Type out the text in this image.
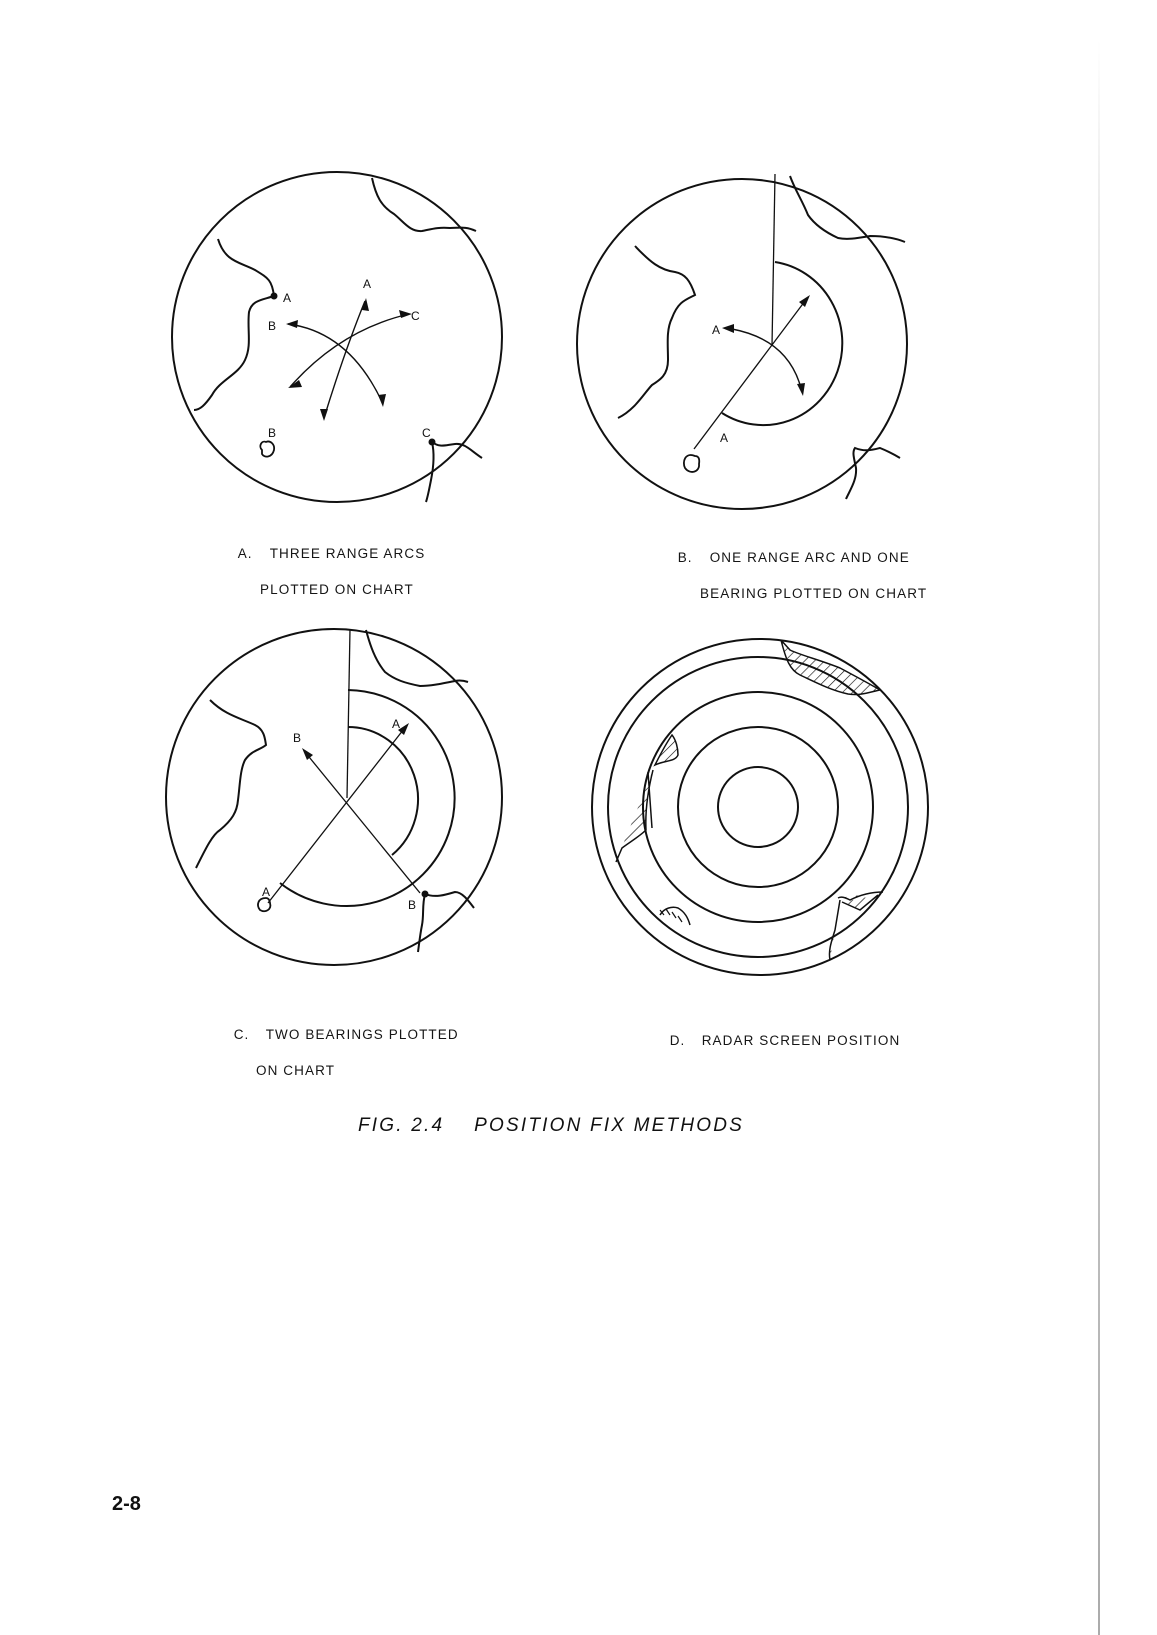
A
A
B
C
B	C
A
A
A
B
A
B

A. THREE RANGE ARCS

PLOTTED ON CHART

B. ONE RANGE ARC AND ONE

BEARING PLOTTED ON CHART

C. TWO BEARINGS PLOTTED

ON CHART

D. RADAR SCREEN POSITION

FIG. 2.4    POSITION FIX METHODS
2-8
